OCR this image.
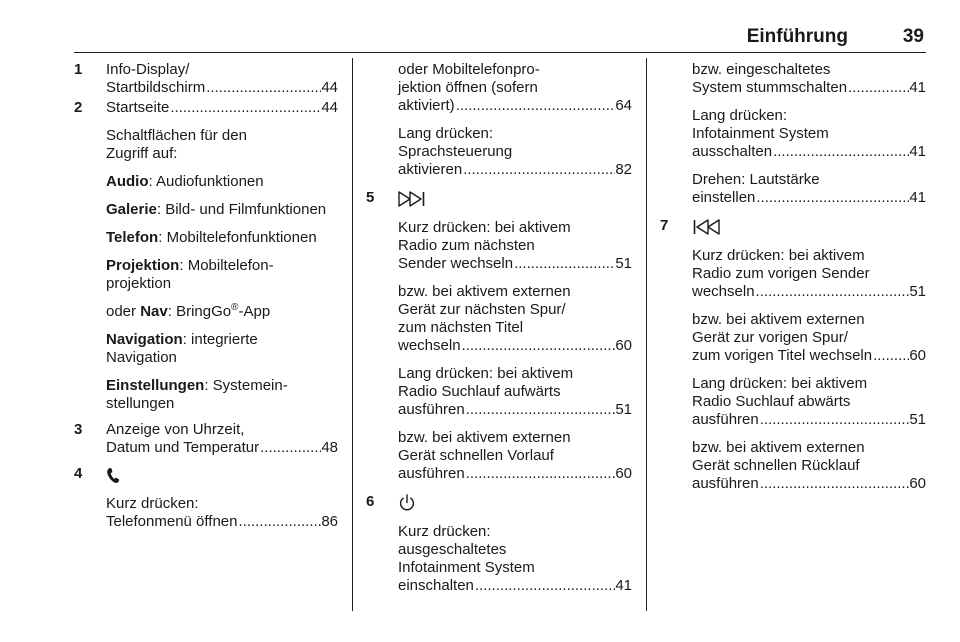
Einführung	39
1 Info-Display/
Startbildschirm .....	44
2 Startseite .....	44
Schaltflächen für den
Zugriff auf:
Audio: Audiofunktionen
Galerie: Bild- und Filmfunktionen
Telefon: Mobiltelefonfunktionen
Projektion: Mobiltelefon-
projektion
oder Nav: BringGo®-App
Navigation: integrierte
Navigation
Einstellungen: Systemein-
stellungen
3 Anzeige von Uhrzeit,
Datum und Temperatur .....	48
4
Kurz drücken:
Telefonmenü öffnen .....	86
oder Mobiltelefonpro-
jektion öffnen (sofern
aktiviert) .....	64
Lang drücken:
Sprachsteuerung
aktivieren .....	82
5
Kurz drücken: bei aktivem
Radio zum nächsten
Sender wechseln .....	51
bzw. bei aktivem externen
Gerät zur nächsten Spur/
zum nächsten Titel
wechseln .....	60
Lang drücken: bei aktivem
Radio Suchlauf aufwärts
ausführen .....	51
bzw. bei aktivem externen
Gerät schnellen Vorlauf
ausführen .....	60
6
Kurz drücken:
ausgeschaltetes
Infotainment System
einschalten .....	41
bzw. eingeschaltetes
System stummschalten .....	41
Lang drücken:
Infotainment System
ausschalten .....	41
Drehen: Lautstärke
einstellen .....	41
7
Kurz drücken: bei aktivem
Radio zum vorigen Sender
wechseln .....	51
bzw. bei aktivem externen
Gerät zur vorigen Spur/
zum vorigen Titel wechseln ..... 60
Lang drücken: bei aktivem
Radio Suchlauf abwärts
ausführen .....	51
bzw. bei aktivem externen
Gerät schnellen Rücklauf
ausführen .....	60
